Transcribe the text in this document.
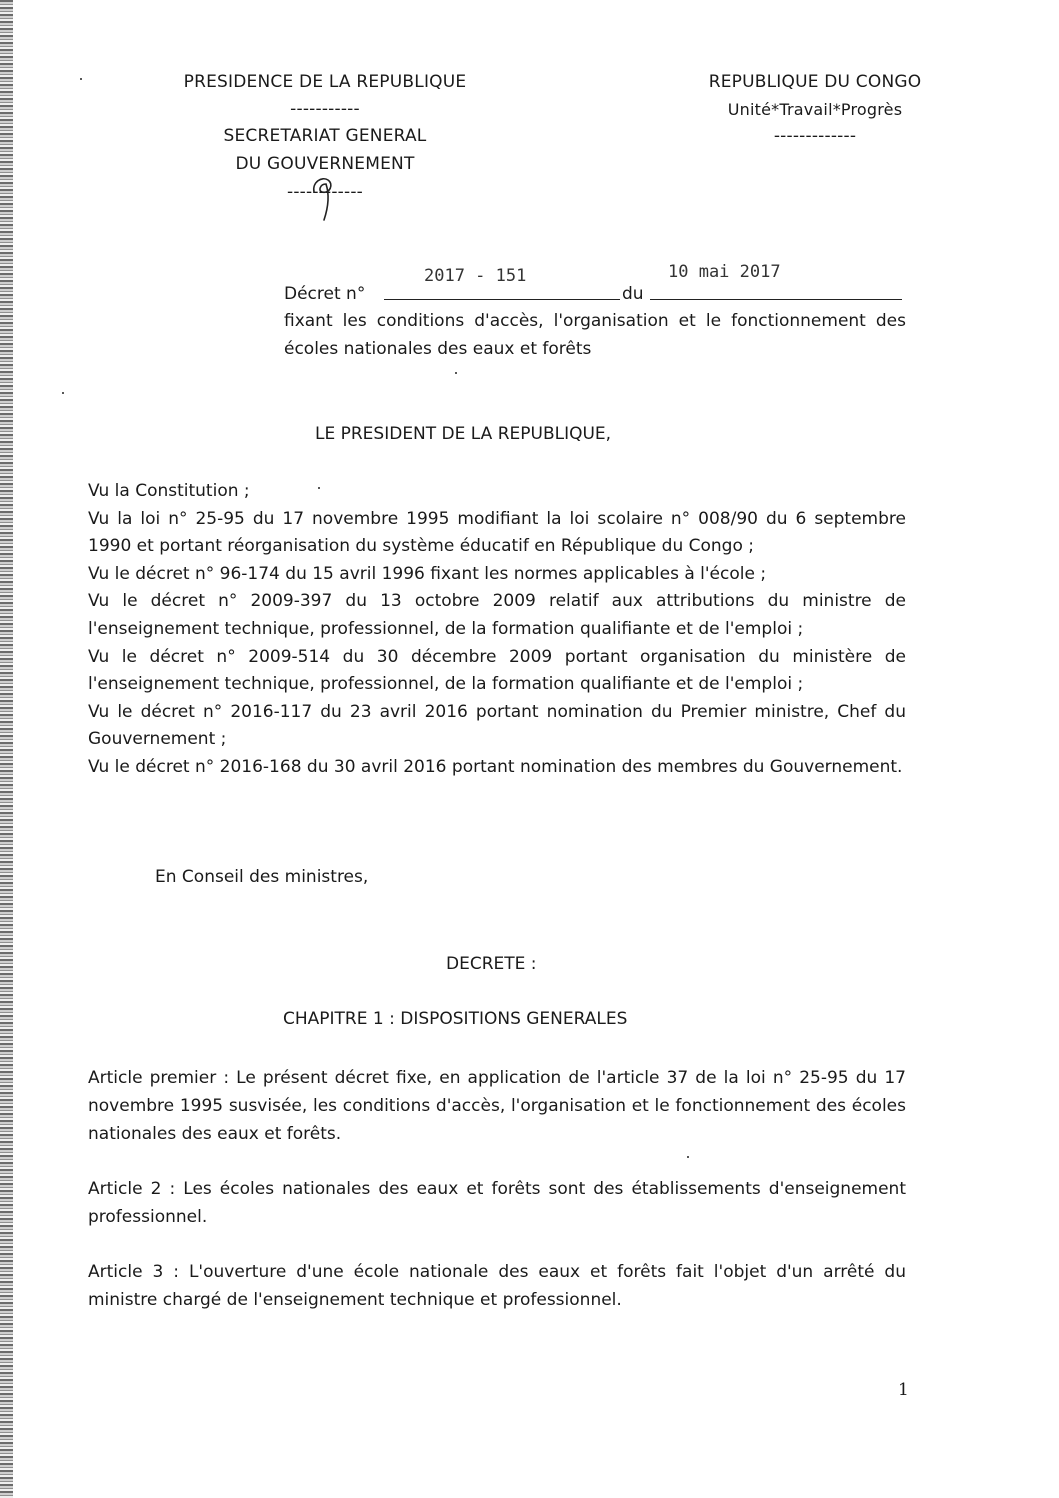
PRESIDENCE DE LA REPUBLIQUE
-----------
SECRETARIAT GENERAL
DU GOUVERNEMENT
------------
REPUBLIQUE DU CONGO
Unité*Travail*Progrès
-------------
Décret n°
2017 - 151
du
10 mai 2017
fixant les conditions d'accès, l'organisation et le fonctionnement des écoles nationales des eaux et forêts
LE PRESIDENT DE LA REPUBLIQUE,

Vu la Constitution ;

Vu la loi n° 25-95 du 17 novembre 1995 modifiant la loi scolaire n° 008/90 du 6 septembre 1990 et portant réorganisation du système éducatif en République du Congo ;

Vu le décret n° 96-174 du 15 avril 1996 fixant les normes applicables à l'école ;

Vu le décret n° 2009-397 du 13 octobre 2009 relatif aux attributions du ministre de l'enseignement technique, professionnel, de la formation qualifiante et de l'emploi ;

Vu le décret n° 2009-514 du 30 décembre 2009 portant organisation du ministère de l'enseignement technique, professionnel, de la formation qualifiante et de l'emploi ;

Vu le décret n° 2016-117 du 23 avril 2016 portant nomination du Premier ministre, Chef du Gouvernement ;

Vu le décret n° 2016-168 du 30 avril 2016 portant nomination des membres du Gouvernement.

En Conseil des ministres,
DECRETE :
CHAPITRE 1 : DISPOSITIONS GENERALES
Article premier : Le présent décret fixe, en application de l'article 37 de la loi n° 25-95 du 17 novembre 1995 susvisée, les conditions d'accès, l'organisation et le fonctionnement des écoles nationales des eaux et forêts.
Article 2 : Les écoles nationales des eaux et forêts sont des établissements d'enseignement professionnel.
Article 3 : L'ouverture d'une école nationale des eaux et forêts fait l'objet d'un arrêté du ministre chargé de l'enseignement technique et professionnel.
1
